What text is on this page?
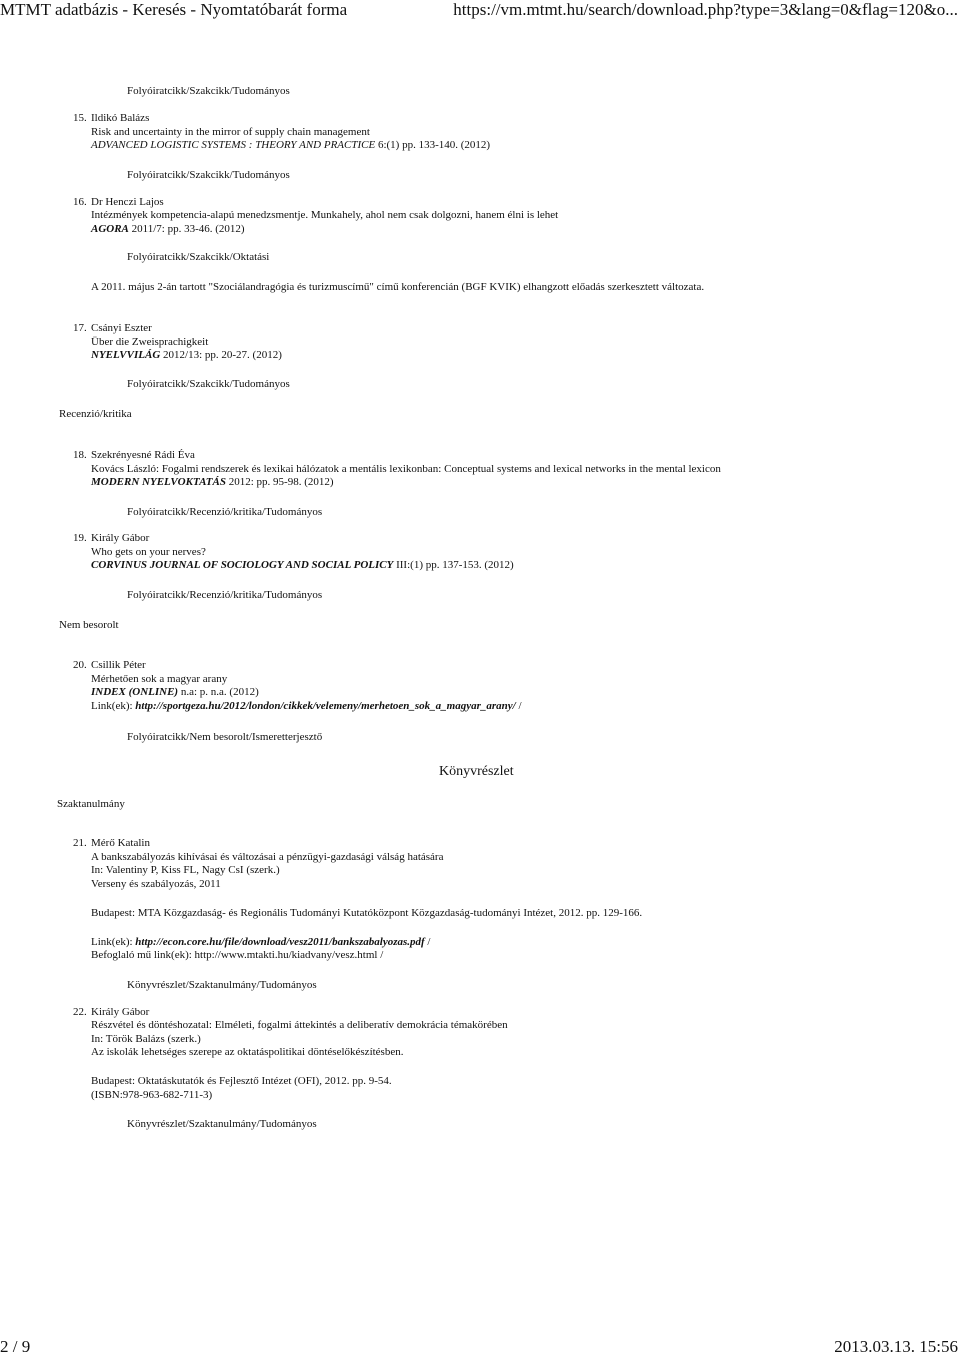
MTMT adatbázis - Keresés - Nyomtatóbarát forma	https://vm.mtmt.hu/search/download.php?type=3&lang=0&flag=120&o...
Folyóiratcikk/Szakcikk/Tudományos
15. Ildikó Balázs
Risk and uncertainty in the mirror of supply chain management
ADVANCED LOGISTIC SYSTEMS : THEORY AND PRACTICE 6:(1) pp. 133-140. (2012)
Folyóiratcikk/Szakcikk/Tudományos
16. Dr Henczi Lajos
Intézmények kompetencia-alapú menedzsmentje. Munkahely, ahol nem csak dolgozni, hanem élni is lehet
AGORA 2011/7: pp. 33-46. (2012)
Folyóiratcikk/Szakcikk/Oktatási
A 2011. május 2-án tartott "Szociálandragógia és turizmuscímű" című konferencián (BGF KVIK) elhangzott előadás szerkesztett változata.
17. Csányi Eszter
Über die Zweisprachigkeit
NYELVVILÁG 2012/13: pp. 20-27. (2012)
Folyóiratcikk/Szakcikk/Tudományos
Recenzió/kritika
18. Szekrényesné Rádi Éva
Kovács László: Fogalmi rendszerek és lexikai hálózatok a mentális lexikonban: Conceptual systems and lexical networks in the mental lexicon
MODERN NYELVOKTATÁS 2012: pp. 95-98. (2012)
Folyóiratcikk/Recenzió/kritika/Tudományos
19. Király Gábor
Who gets on your nerves?
CORVINUS JOURNAL OF SOCIOLOGY AND SOCIAL POLICY III:(1) pp. 137-153. (2012)
Folyóiratcikk/Recenzió/kritika/Tudományos
Nem besorolt
20. Csillik Péter
Mérhetően sok a magyar arany
INDEX (ONLINE) n.a: p. n.a. (2012)
Link(ek): http://sportgeza.hu/2012/london/cikkek/velemeny/merhetoen_sok_a_magyar_arany/ /
Folyóiratcikk/Nem besorolt/Ismeretterjesztő
Könyvrészlet
Szaktanulmány
21. Mérő Katalin
A bankszabályozás kihívásai és változásai a pénzügyi-gazdasági válság hatására
In: Valentiny P, Kiss FL, Nagy CsI (szerk.)
Verseny és szabályozás, 2011
Budapest: MTA Közgazdaság- és Regionális Tudományi Kutatóközpont Közgazdaság-tudományi Intézet, 2012. pp. 129-166.
Link(ek): http://econ.core.hu/file/download/vesz2011/bankszabalyozas.pdf /
Befoglaló mű link(ek): http://www.mtakti.hu/kiadvany/vesz.html /
Könyvrészlet/Szaktanulmány/Tudományos
22. Király Gábor
Részvétel és döntéshozatal: Elméleti, fogalmi áttekintés a deliberatív demokrácia témakörében
In: Török Balázs (szerk.)
Az iskolák lehetséges szerepe az oktatáspolitikai döntéselőkészítésben.
Budapest: Oktatáskutatók és Fejlesztő Intézet (OFI), 2012. pp. 9-54.
(ISBN:978-963-682-711-3)
Könyvrészlet/Szaktanulmány/Tudományos
2 / 9	2013.03.13. 15:56
